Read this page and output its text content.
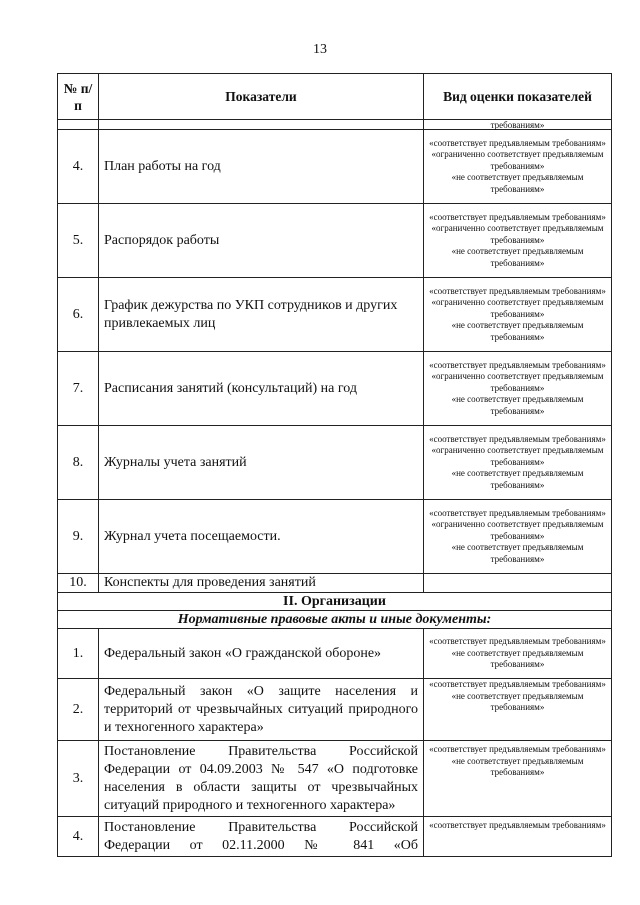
13
№ п/п	Показатели	Вид оценки показателей
		требованиям»
4.	План работы на год	«соответствует предъявляемым требованиям»
«ограниченно соответствует предъявляемым требованиям»
«не соответствует предъявляемым требованиям»

5.	Распорядок работы	«соответствует предъявляемым требованиям»
«ограниченно соответствует предъявляемым требованиям»
«не соответствует предъявляемым требованиям»

6.	График дежурства по УКП сотрудников и других привлекаемых лиц	«соответствует предъявляемым требованиям»
«ограниченно соответствует предъявляемым требованиям»
«не соответствует предъявляемым требованиям»

7.	Расписания занятий (консультаций) на год	«соответствует предъявляемым требованиям»
«ограниченно соответствует предъявляемым требованиям»
«не соответствует предъявляемым требованиям»

8.	Журналы учета занятий	«соответствует предъявляемым требованиям»
«ограниченно соответствует предъявляемым требованиям»
«не соответствует предъявляемым требованиям»

9.	Журнал учета посещаемости.	«соответствует предъявляемым требованиям»
«ограниченно соответствует предъявляемым требованиям»
«не соответствует предъявляемым требованиям»

10.	Конспекты для проведения занятий	
II. Организации		
Нормативные правовые акты и иные документы:		
1.	Федеральный закон «О гражданской обороне»	«соответствует предъявляемым требованиям»
«не соответствует предъявляемым требованиям»

2.	Федеральный закон «О защите населения и территорий от чрезвычайных ситуаций природного и техногенного характера»	«соответствует предъявляемым требованиям»
«не соответствует предъявляемым требованиям»

3.	Постановление Правительства Российской Федерации от 04.09.2003 № 547 «О подготовке населения в области защиты от чрезвычайных ситуаций природного и техногенного характера»	«соответствует предъявляемым требованиям»
«не соответствует предъявляемым требованиям»

4.	Постановление Правительства Российской Федерации от 02.11.2000 № 841 «Об	«соответствует предъявляемым требованиям»
